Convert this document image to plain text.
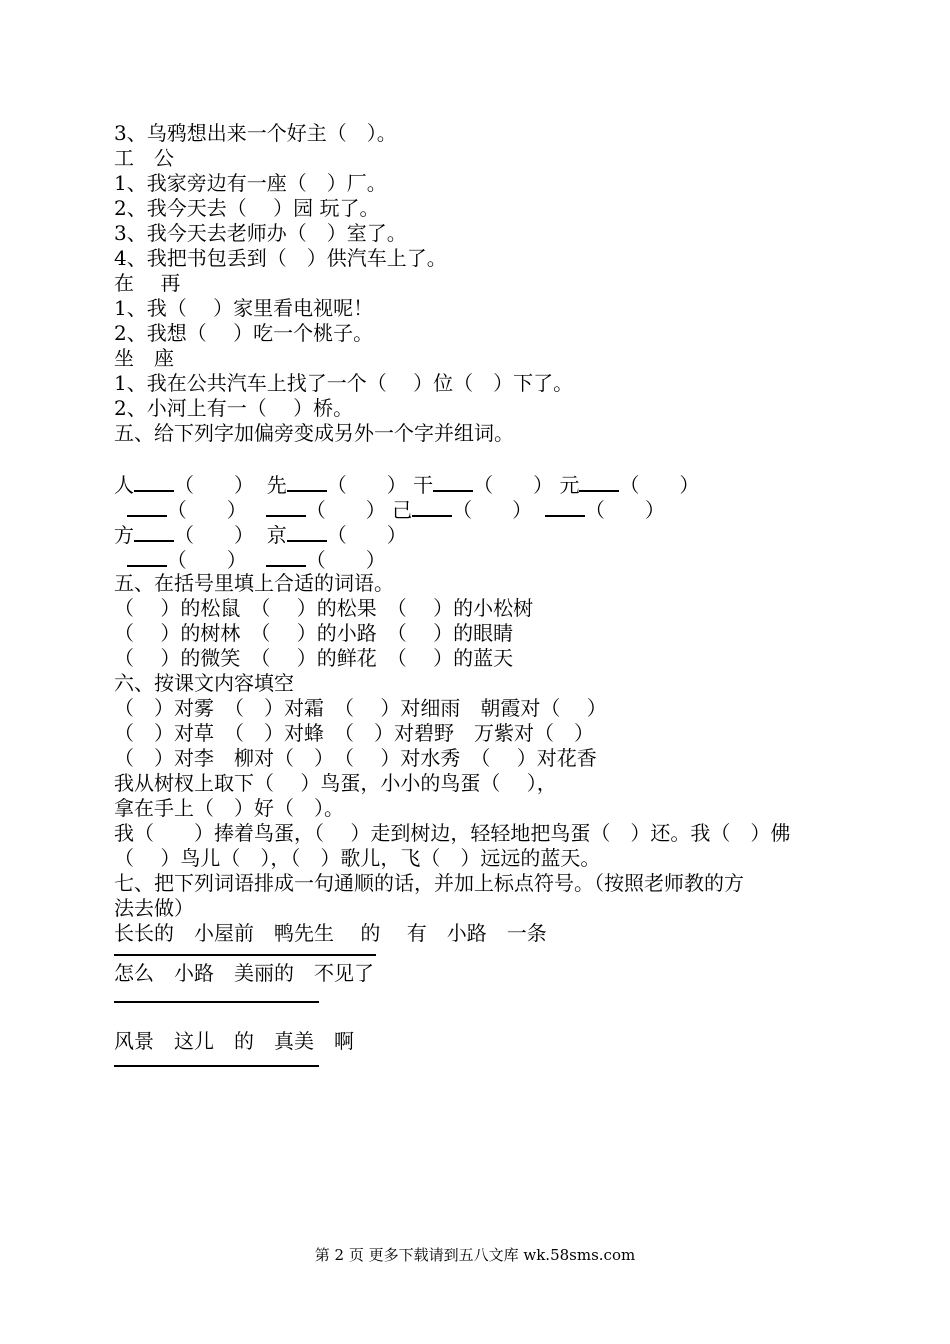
3、乌鸦想出来一个好主（　）。
工　公
1、我家旁边有一座（　）厂。
2、我今天去（　 ）园 玩了。
3、我今天去老师办（　）室了。
4、我把书包丢到（　）供汽车上了。
在　 再
1、我（　 ）家里看电视呢！
2、我想（　 ）吃一个桃子。
坐　座
1、我在公共汽车上找了一个（　 ）位（　）下了。
2、小河上有一（　 ）桥。
五、给下列字加偏旁变成另外一个字并组词。
人 （　　） 先 （　　） 干 （　　） 元 （　　）
（　　）	（　　） 己 （　　）	（　　）
方 （　　） 京 （　　）
（　　）	（　　）
五、在括号里填上合适的词语。
（　 ）的松鼠　（　 ）的松果　（　 ）的小松树
（　 ）的树林　（　 ）的小路　（　 ）的眼睛
（　 ）的微笑　（　 ）的鲜花　（　 ）的蓝天
六、按课文内容填空
（　）对雾　（　）对霜　（　 ）对细雨　朝霞对（　 ）
（　）对草　（　）对蜂　（　）对碧野　万紫对（　）
（　）对李　柳对（　）　（　 ）对水秀　（　 ）对花香
我从树杈上取下（　 ）鸟蛋，小小的鸟蛋（　 ），
拿在手上（　）好（　）。
我（　　）捧着鸟蛋，（　 ）走到树边，轻轻地把鸟蛋（　）还。我（　）佛
（　 ）鸟儿（　），（　）歌儿，飞（　）远远的蓝天。
七、把下列词语排成一句通顺的话，并加上标点符号。（按照老师教的方
法去做）
长长的　小屋前　鸭先生　 的　 有　小路　一条
怎么　小路　美丽的　不见了
风景　这儿　的　真美　啊
第 2 页 更多下载请到五八文库 wk.58sms.com
